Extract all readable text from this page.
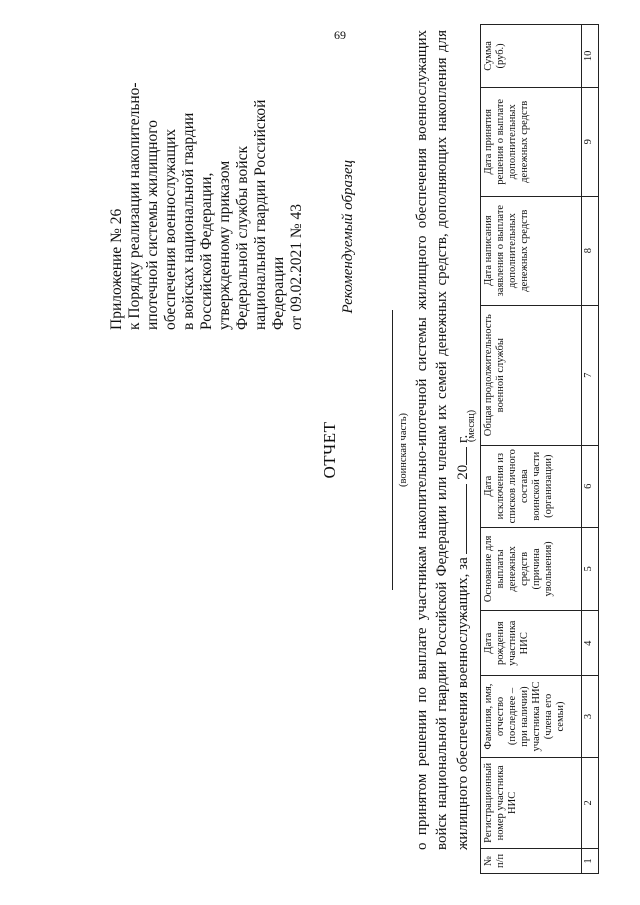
69
Приложение № 26 к Порядку реализации накопительно- ипотечной системы жилищного обеспечения военнослужащих в войсках национальной гвардии Российской Федерации, утвержденному приказом Федеральной службы войск национальной гвардии Российской Федерации от 09.02.2021 № 43 Рекомендуемый образец
ОТЧЕТ	(воинская часть) о принятом решении по выплате участникам накопительно-ипотечной системы жилищного обеспечения военнослужащих войск национальной гвардии Российской Федерации или членам их семей денежных средств, дополняющих накопления для жилищного обеспечения военнослужащих, за  20 г.
(месяц)
№ п/п	Регистрационный номер участника НИС	Фамилия, имя, отчество (последнее – при наличии) участника НИС (члена его семьи)	Дата рождения участника НИС	Основание для выплаты денежных средств (причина увольнения)	Дата исключения из списков личного состава воинской части (организации)	Общая продолжительность военной службы	Дата написания заявления о выплате дополнительных денежных средств	Дата принятия решения о выплате дополнительных денежных средств	Сумма (руб.)
1	2	3	4	5	6	7	8	9	10
